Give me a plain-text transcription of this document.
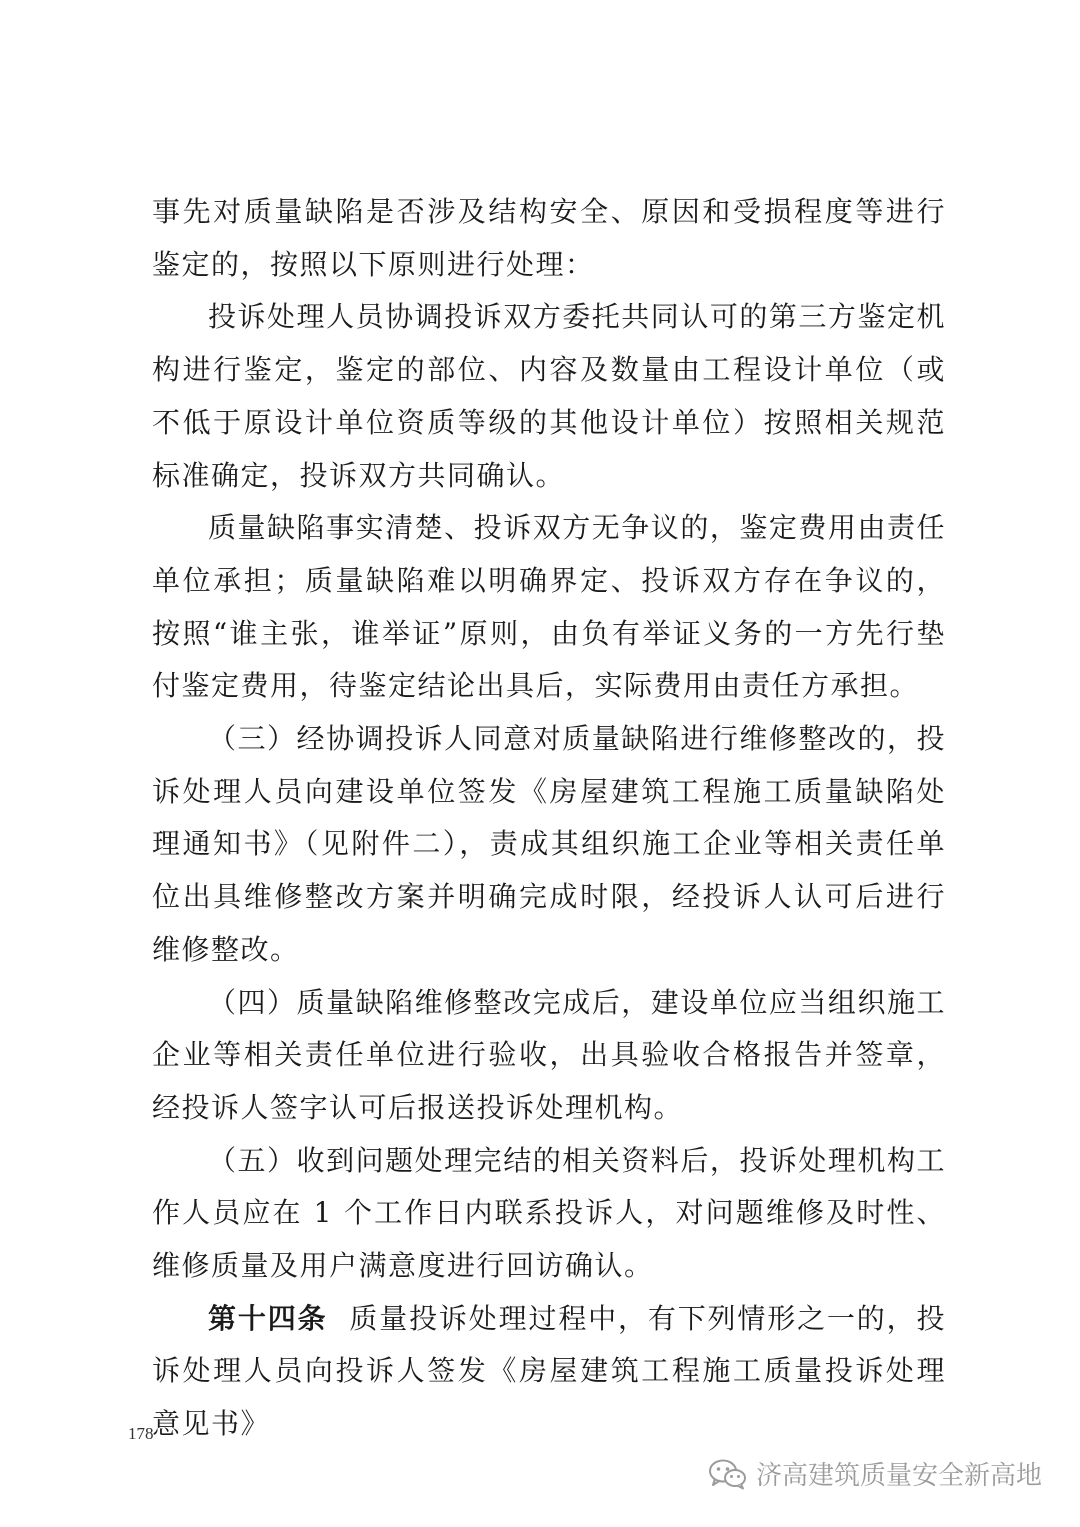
事先对质量缺陷是否涉及结构安全、原因和受损程度等进行鉴定的，按照以下原则进行处理：

投诉处理人员协调投诉双方委托共同认可的第三方鉴定机构进行鉴定，鉴定的部位、内容及数量由工程设计单位（或不低于原设计单位资质等级的其他设计单位）按照相关规范标准确定，投诉双方共同确认。

质量缺陷事实清楚、投诉双方无争议的，鉴定费用由责任单位承担；质量缺陷难以明确界定、投诉双方存在争议的，按照“谁主张，谁举证”原则，由负有举证义务的一方先行垫付鉴定费用，待鉴定结论出具后，实际费用由责任方承担。

（三）经协调投诉人同意对质量缺陷进行维修整改的，投诉处理人员向建设单位签发《房屋建筑工程施工质量缺陷处理通知书》（见附件二），责成其组织施工企业等相关责任单位出具维修整改方案并明确完成时限，经投诉人认可后进行维修整改。

（四）质量缺陷维修整改完成后，建设单位应当组织施工企业等相关责任单位进行验收，出具验收合格报告并签章，经投诉人签字认可后报送投诉处理机构。

（五）收到问题处理完结的相关资料后，投诉处理机构工作人员应在 1 个工作日内联系投诉人，对问题维修及时性、维修质量及用户满意度进行回访确认。

第十四条 质量投诉处理过程中，有下列情形之一的，投诉处理人员向投诉人签发《房屋建筑工程施工质量投诉处理意见书》

178
济高建筑质量安全新高地
